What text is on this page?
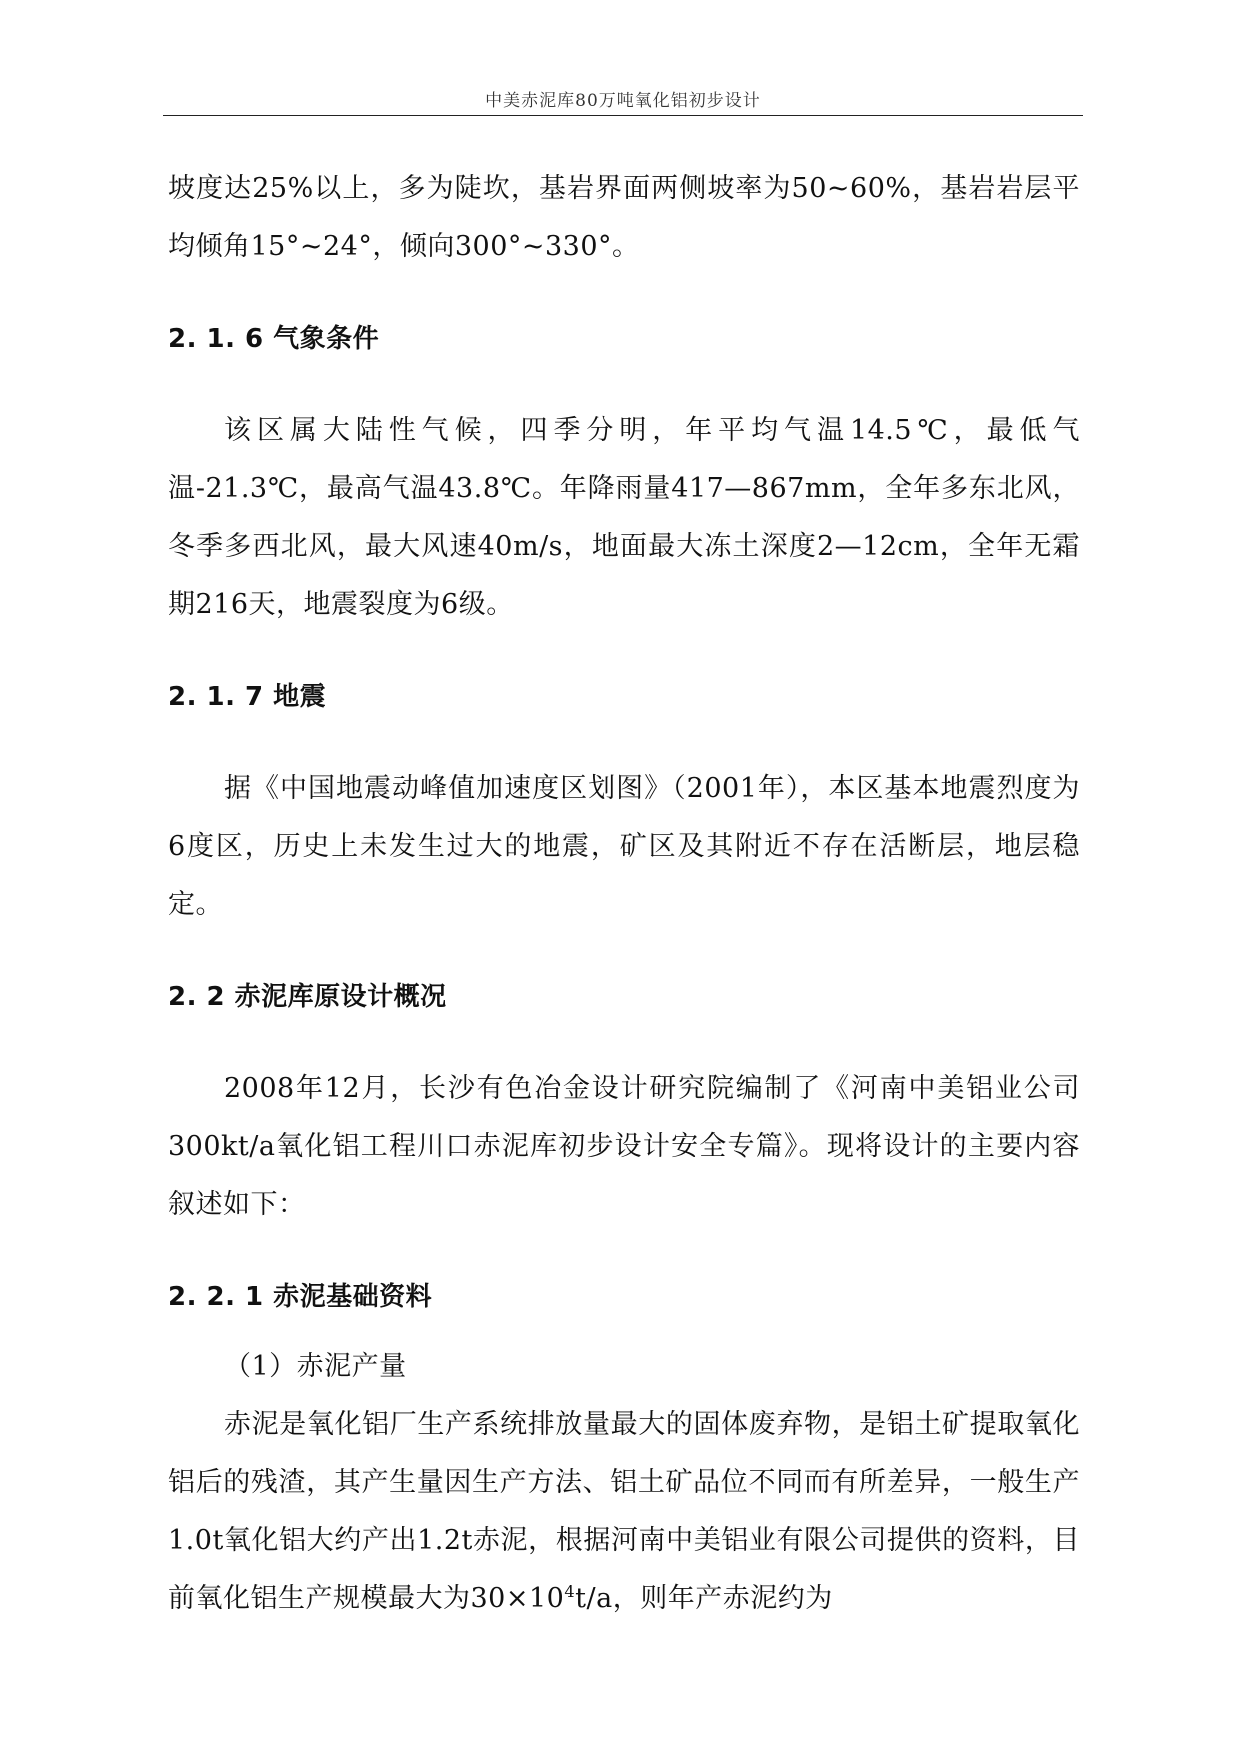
中美赤泥库80万吨氧化铝初步设计

坡度达25%以上，多为陡坎，基岩界面两侧坡率为50~60%，基岩岩层平均倾角15°~24°，倾向300°~330°。

2. 1. 6 气象条件

该区属大陆性气候，四季分明，年平均气温14.5℃，最低气温-21.3℃，最高气温43.8℃。年降雨量417—867mm，全年多东北风，冬季多西北风，最大风速40m/s，地面最大冻土深度2—12cm，全年无霜期216天，地震裂度为6级。

2. 1. 7 地震

据《中国地震动峰值加速度区划图》（2001年），本区基本地震烈度为6度区，历史上未发生过大的地震，矿区及其附近不存在活断层，地层稳定。

2. 2 赤泥库原设计概况

2008年12月，长沙有色冶金设计研究院编制了《河南中美铝业公司300kt/a氧化铝工程川口赤泥库初步设计安全专篇》。现将设计的主要内容叙述如下：

2. 2. 1 赤泥基础资料

（1）赤泥产量

赤泥是氧化铝厂生产系统排放量最大的固体废弃物，是铝土矿提取氧化铝后的残渣，其产生量因生产方法、铝土矿品位不同而有所差异，一般生产1.0t氧化铝大约产出1.2t赤泥，根据河南中美铝业有限公司提供的资料，目前氧化铝生产规模最大为$30\times 10^4t/a$，则年产赤泥约为
